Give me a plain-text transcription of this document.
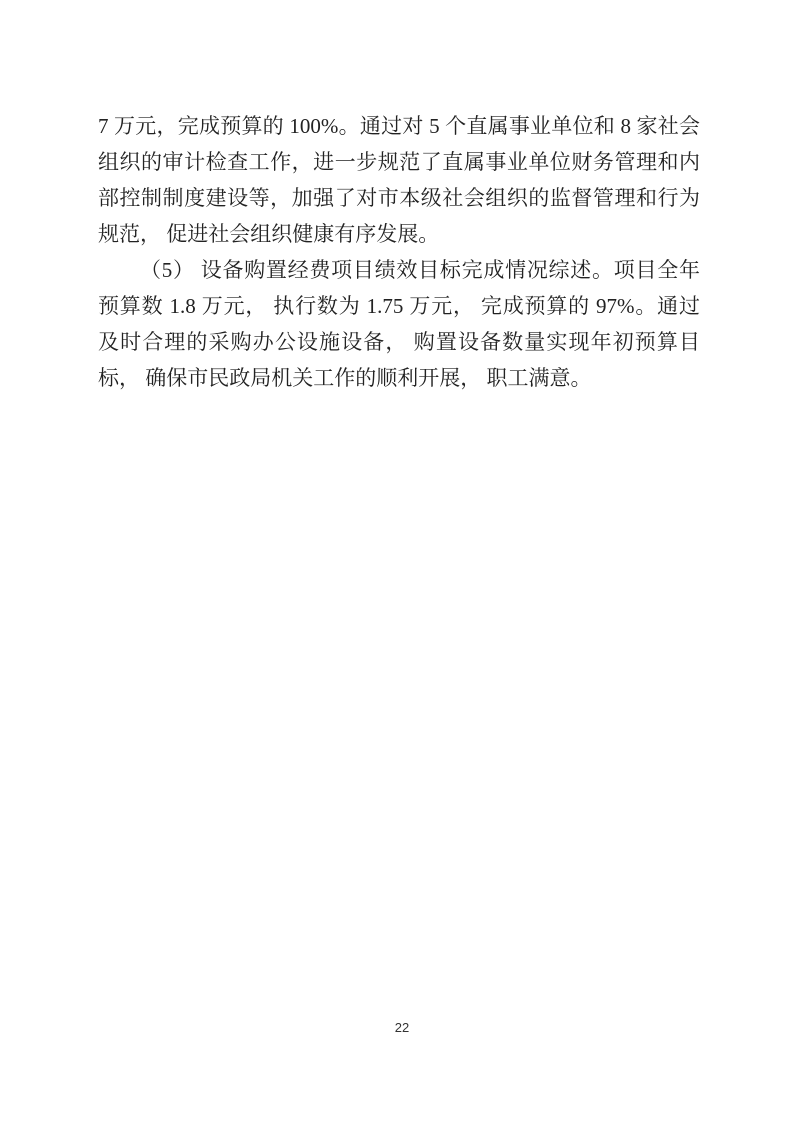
7 万元，完成预算的 100%。通过对 5 个直属事业单位和 8 家社会
组织的审计检查工作，进一步规范了直属事业单位财务管理和内
部控制制度建设等，加强了对市本级社会组织的监督管理和行为
规范， 促进社会组织健康有序发展。
（5） 设备购置经费项目绩效目标完成情况综述。项目全年
预算数 1.8 万元， 执行数为 1.75 万元， 完成预算的 97%。通过
及时合理的采购办公设施设备， 购置设备数量实现年初预算目
标， 确保市民政局机关工作的顺利开展， 职工满意。
22
